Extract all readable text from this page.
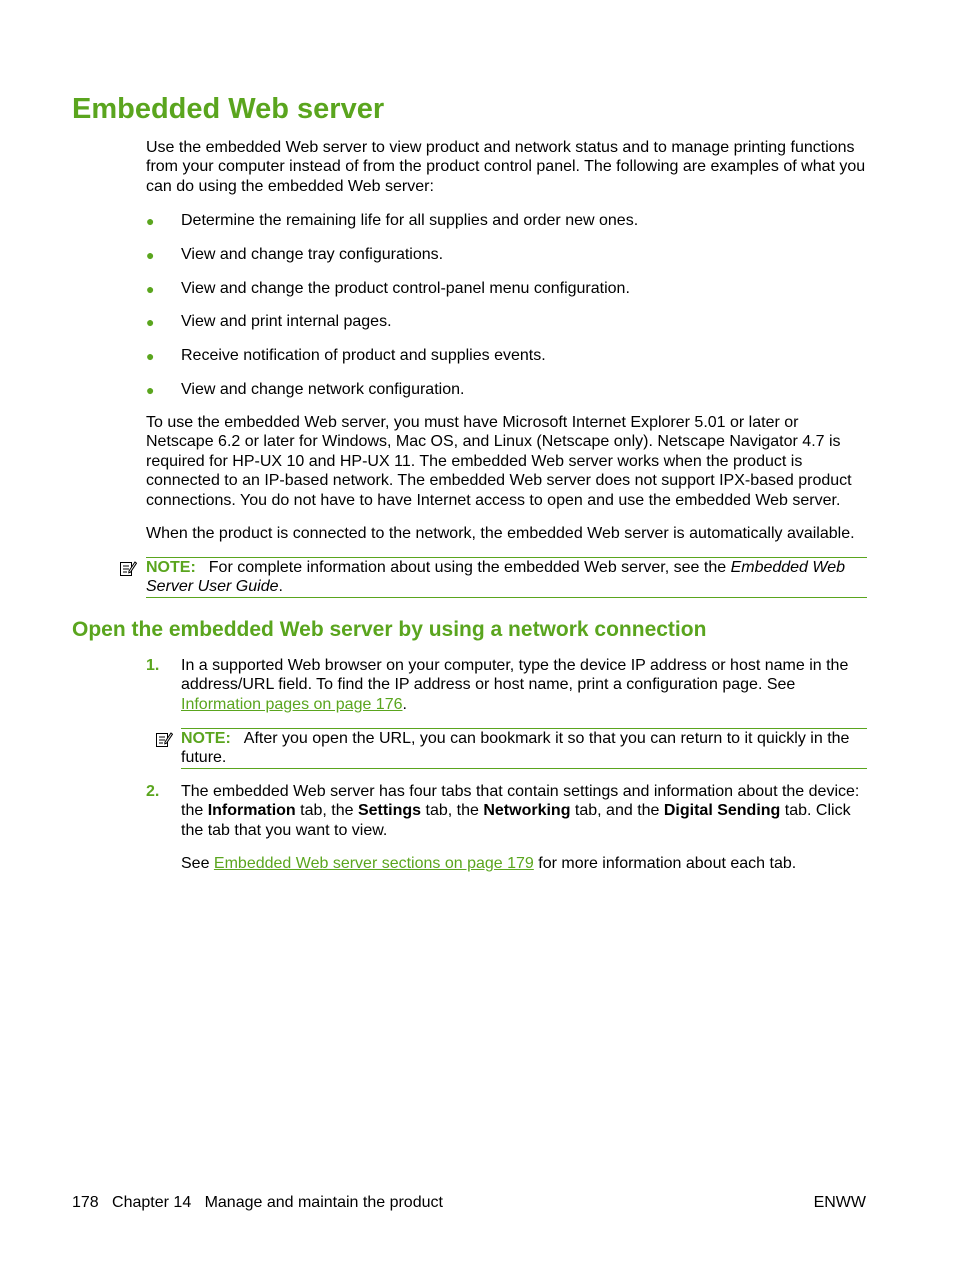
Embedded Web server

Use the embedded Web server to view product and network status and to manage printing functions from your computer instead of from the product control panel. The following are examples of what you can do using the embedded Web server:

● Determine the remaining life for all supplies and order new ones.
● View and change tray configurations.
● View and change the product control-panel menu configuration.
● View and print internal pages.
● Receive notification of product and supplies events.
● View and change network configuration.

To use the embedded Web server, you must have Microsoft Internet Explorer 5.01 or later or Netscape 6.2 or later for Windows, Mac OS, and Linux (Netscape only). Netscape Navigator 4.7 is required for HP-UX 10 and HP-UX 11. The embedded Web server works when the product is connected to an IP-based network. The embedded Web server does not support IPX-based product connections. You do not have to have Internet access to open and use the embedded Web server.

When the product is connected to the network, the embedded Web server is automatically available.

NOTE: For complete information about using the embedded Web server, see the Embedded Web Server User Guide.
Open the embedded Web server by using a network connection
1. In a supported Web browser on your computer, type the device IP address or host name in the address/URL field. To find the IP address or host name, print a configuration page. See Information pages on page 176.

NOTE: After you open the URL, you can bookmark it so that you can return to it quickly in the future.
2. The embedded Web server has four tabs that contain settings and information about the device: the Information tab, the Settings tab, the Networking tab, and the Digital Sending tab. Click the tab that you want to view.

See Embedded Web server sections on page 179 for more information about each tab.

178 Chapter 14 Manage and maintain the product	ENWW
